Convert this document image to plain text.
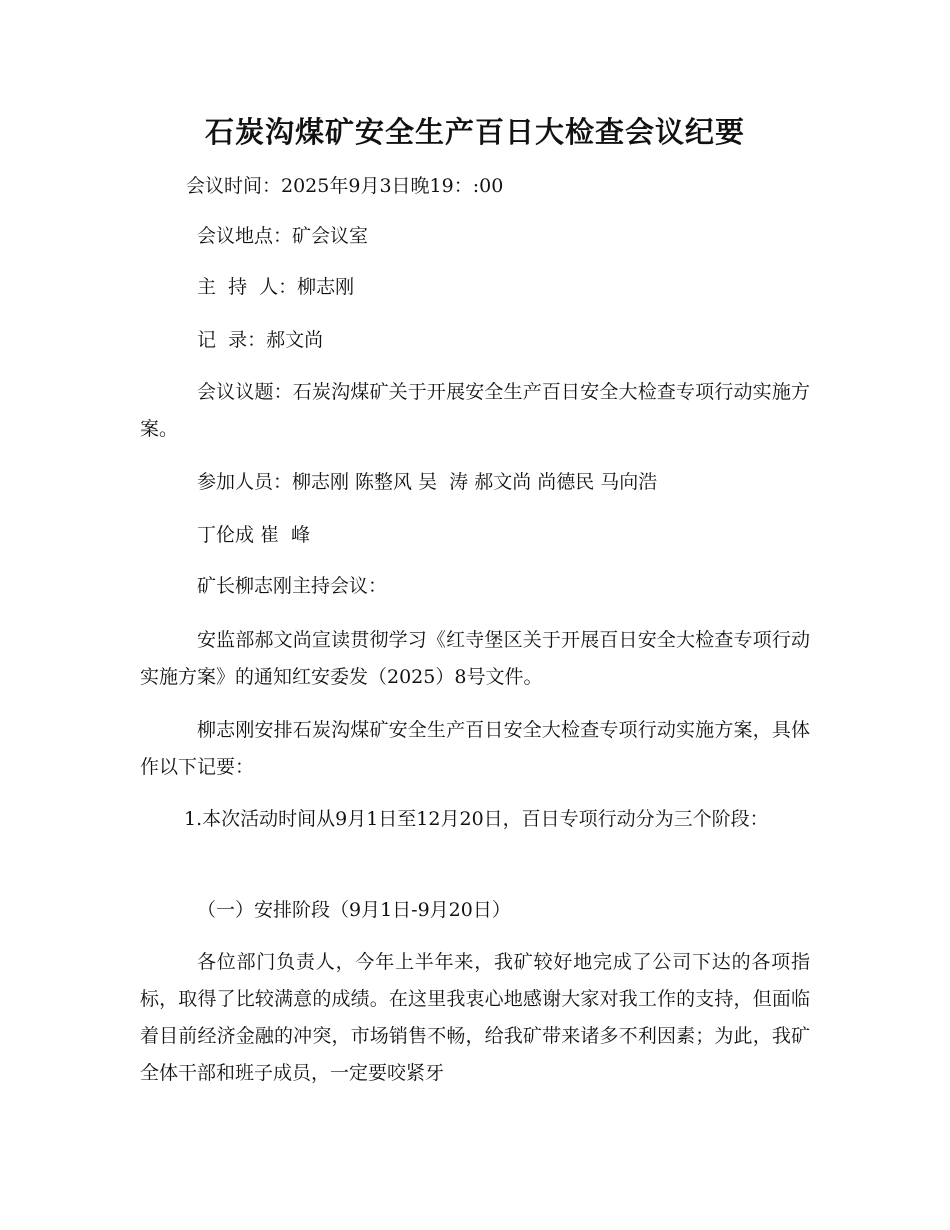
石炭沟煤矿安全生产百日大检查会议纪要
会议时间：2025年9月3日晚19：:00
会议地点：矿会议室
主  持  人：柳志刚
记  录：郝文尚
会议议题：石炭沟煤矿关于开展安全生产百日安全大检查专项行动实施方案。
参加人员：柳志刚 陈整风 吴  涛 郝文尚 尚德民 马向浩
丁伦成 崔  峰
矿长柳志刚主持会议：
安监部郝文尚宣读贯彻学习《红寺堡区关于开展百日安全大检查专项行动实施方案》的通知红安委发（2025）8号文件。
柳志刚安排石炭沟煤矿安全生产百日安全大检查专项行动实施方案，具体作以下记要：
1.本次活动时间从9月1日至12月20日，百日专项行动分为三个阶段：
（一）安排阶段（9月1日-9月20日）
各位部门负责人，今年上半年来，我矿较好地完成了公司下达的各项指标，取得了比较满意的成绩。在这里我衷心地感谢大家对我工作的支持，但面临着目前经济金融的冲突，市场销售不畅，给我矿带来诸多不利因素；为此，我矿全体干部和班子成员，一定要咬紧牙
